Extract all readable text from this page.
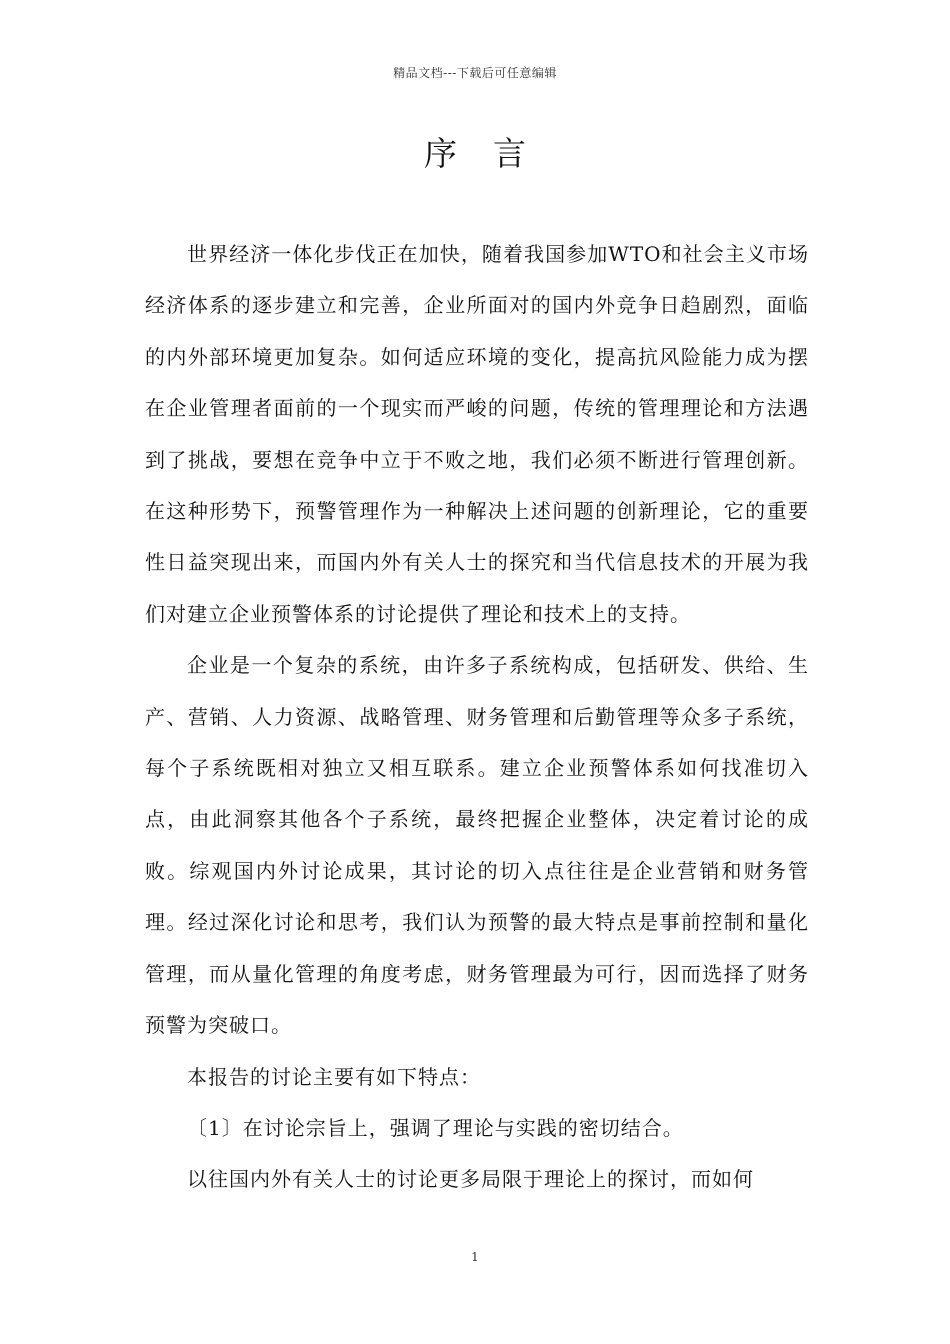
精品文档---下载后可任意编辑
序言

世界经济一体化步伐正在加快，随着我国参加WTO和社会主义市场经济体系的逐步建立和完善，企业所面对的国内外竞争日趋剧烈，面临的内外部环境更加复杂。如何适应环境的变化，提高抗风险能力成为摆在企业管理者面前的一个现实而严峻的问题，传统的管理理论和方法遇到了挑战，要想在竞争中立于不败之地，我们必须不断进行管理创新。在这种形势下，预警管理作为一种解决上述问题的创新理论，它的重要性日益突现出来，而国内外有关人士的探究和当代信息技术的开展为我们对建立企业预警体系的讨论提供了理论和技术上的支持。

企业是一个复杂的系统，由许多子系统构成，包括研发、供给、生产、营销、人力资源、战略管理、财务管理和后勤管理等众多子系统，每个子系统既相对独立又相互联系。建立企业预警体系如何找准切入点，由此洞察其他各个子系统，最终把握企业整体，决定着讨论的成败。综观国内外讨论成果，其讨论的切入点往往是企业营销和财务管理。经过深化讨论和思考，我们认为预警的最大特点是事前控制和量化管理，而从量化管理的角度考虑，财务管理最为可行，因而选择了财务预警为突破口。

本报告的讨论主要有如下特点：

〔1〕在讨论宗旨上，强调了理论与实践的密切结合。

以往国内外有关人士的讨论更多局限于理论上的探讨，而如何

1
